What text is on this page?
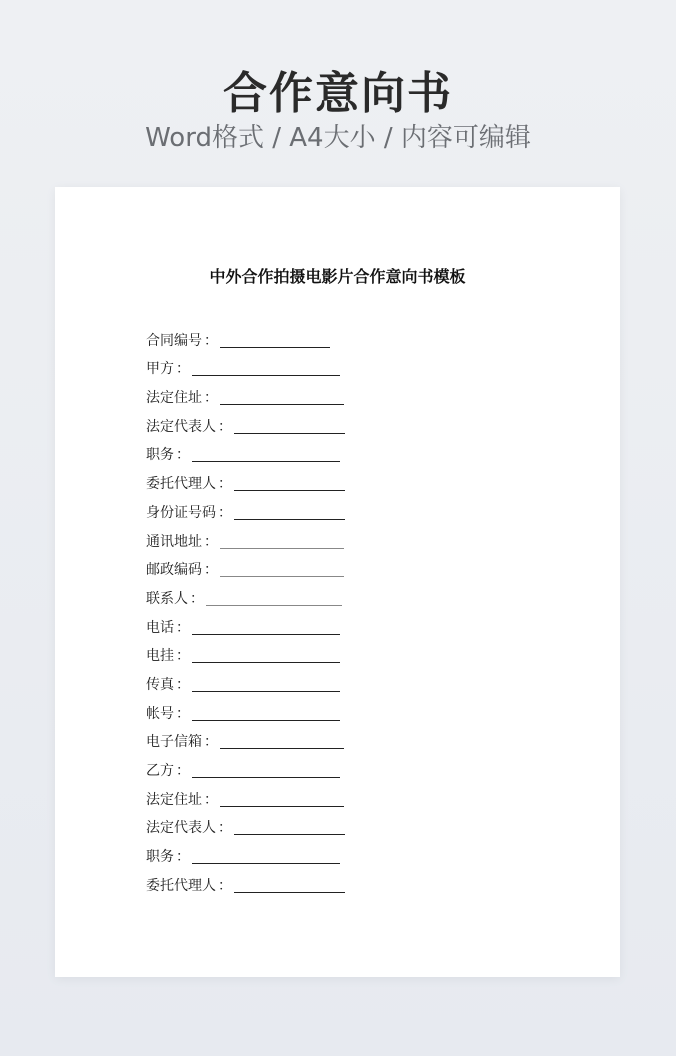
合作意向书
Word格式 / A4大小 / 内容可编辑
中外合作拍摄电影片合作意向书模板
合同编号 ：
甲方 ：
法定住址 ：
法定代表人 ：
职务 ：
委托代理人 ：
身份证号码 ：
通讯地址 ：
邮政编码 ：
联系人 ：
电话 ：
电挂 ：
传真 ：
帐号 ：
电子信箱 ：
乙方 ：
法定住址 ：
法定代表人 ：
职务 ：
委托代理人 ：
